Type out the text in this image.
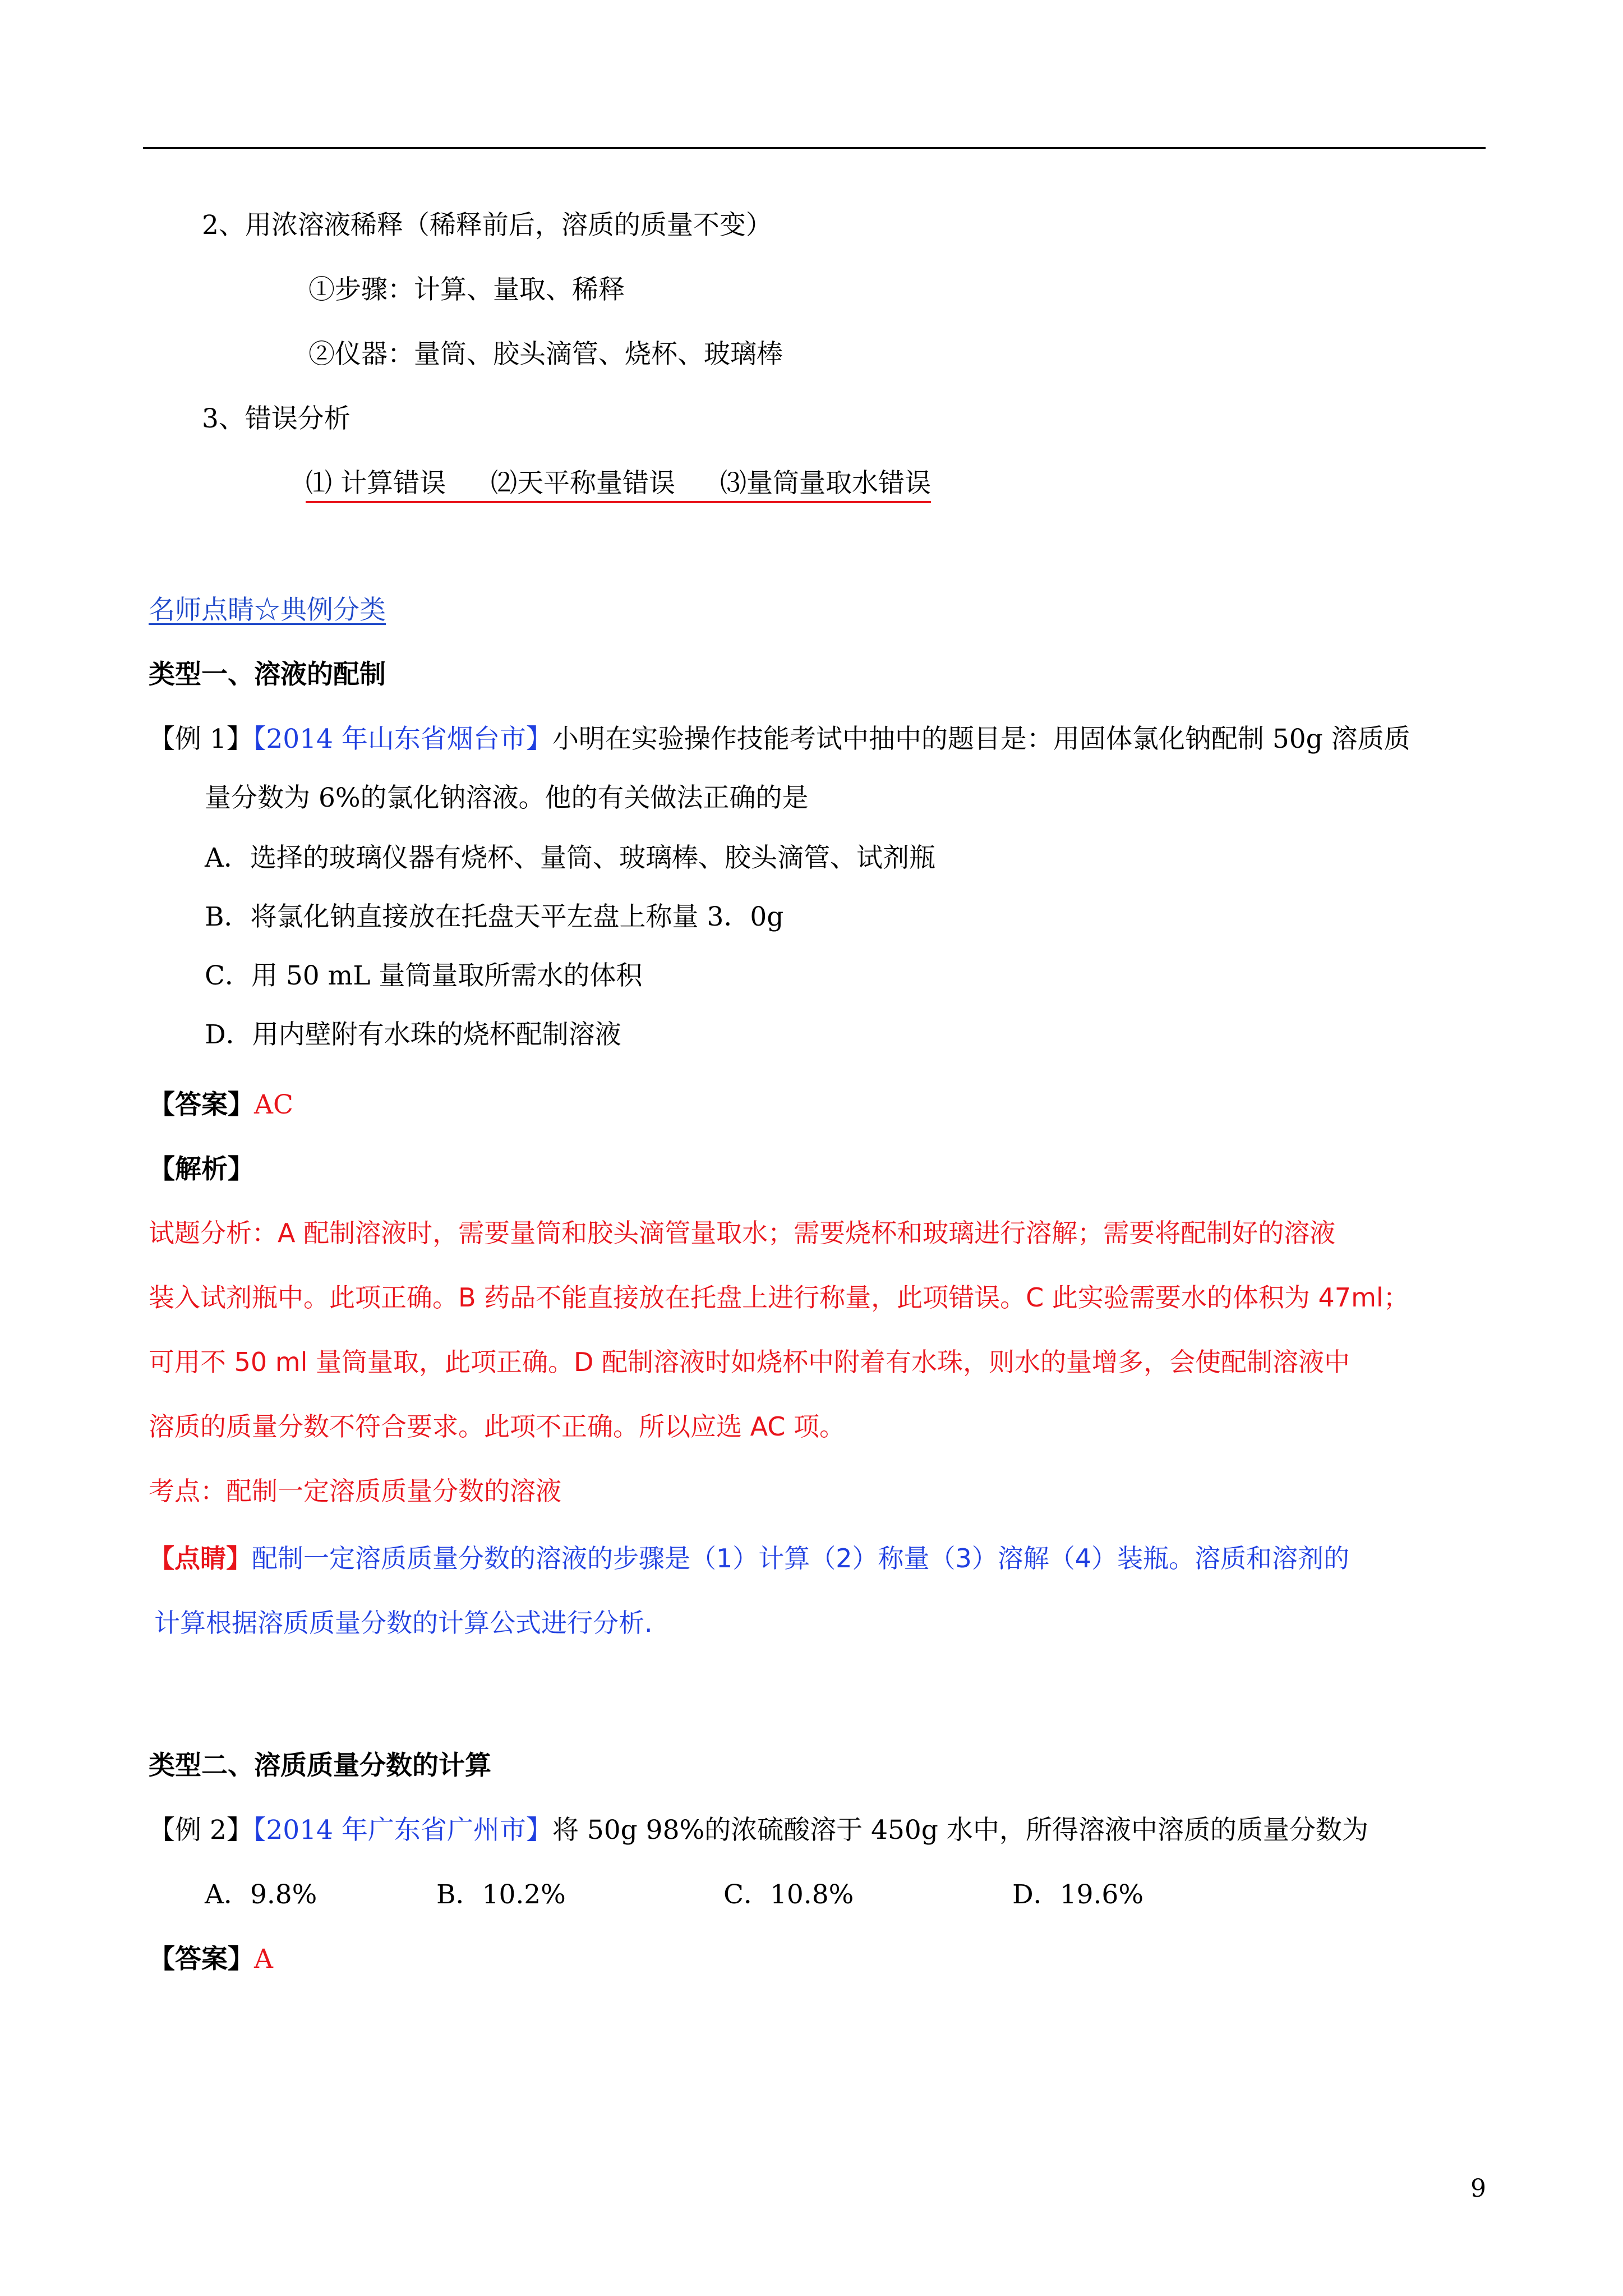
2、用浓溶液稀释（稀释前后，溶质的质量不变）
①步骤：计算、量取、稀释
②仪器：量筒、胶头滴管、烧杯、玻璃棒
3、错误分析
⑴ 计算错误 ⑵天平称量错误 ⑶量筒量取水错误
名师点睛☆典例分类
类型一、溶液的配制
【例 1】【2014 年山东省烟台市】小明在实验操作技能考试中抽中的题目是：用固体氯化钠配制 50g 溶质质
量分数为 6%的氯化钠溶液。他的有关做法正确的是
A．选择的玻璃仪器有烧杯、量筒、玻璃棒、胶头滴管、试剂瓶
B．将氯化钠直接放在托盘天平左盘上称量 3．0g
C．用 50 mL 量筒量取所需水的体积
D．用内壁附有水珠的烧杯配制溶液
【答案】AC
【解析】
试题分析：A 配制溶液时，需要量筒和胶头滴管量取水；需要烧杯和玻璃进行溶解；需要将配制好的溶液
装入试剂瓶中。此项正确。B 药品不能直接放在托盘上进行称量，此项错误。C 此实验需要水的体积为 47ml；
可用不 50 ml 量筒量取，此项正确。D 配制溶液时如烧杯中附着有水珠，则水的量增多，会使配制溶液中
溶质的质量分数不符合要求。此项不正确。所以应选 AC 项。
考点：配制一定溶质质量分数的溶液
【点睛】配制一定溶质质量分数的溶液的步骤是（1）计算（2）称量（3）溶解（4）装瓶。溶质和溶剂的
计算根据溶质质量分数的计算公式进行分析.
类型二、溶质质量分数的计算
【例 2】【2014 年广东省广州市】将 50g 98%的浓硫酸溶于 450g 水中，所得溶液中溶质的质量分数为
A．9.8%	B．10.2%	C．10.8%	D．19.6%
【答案】A
9
